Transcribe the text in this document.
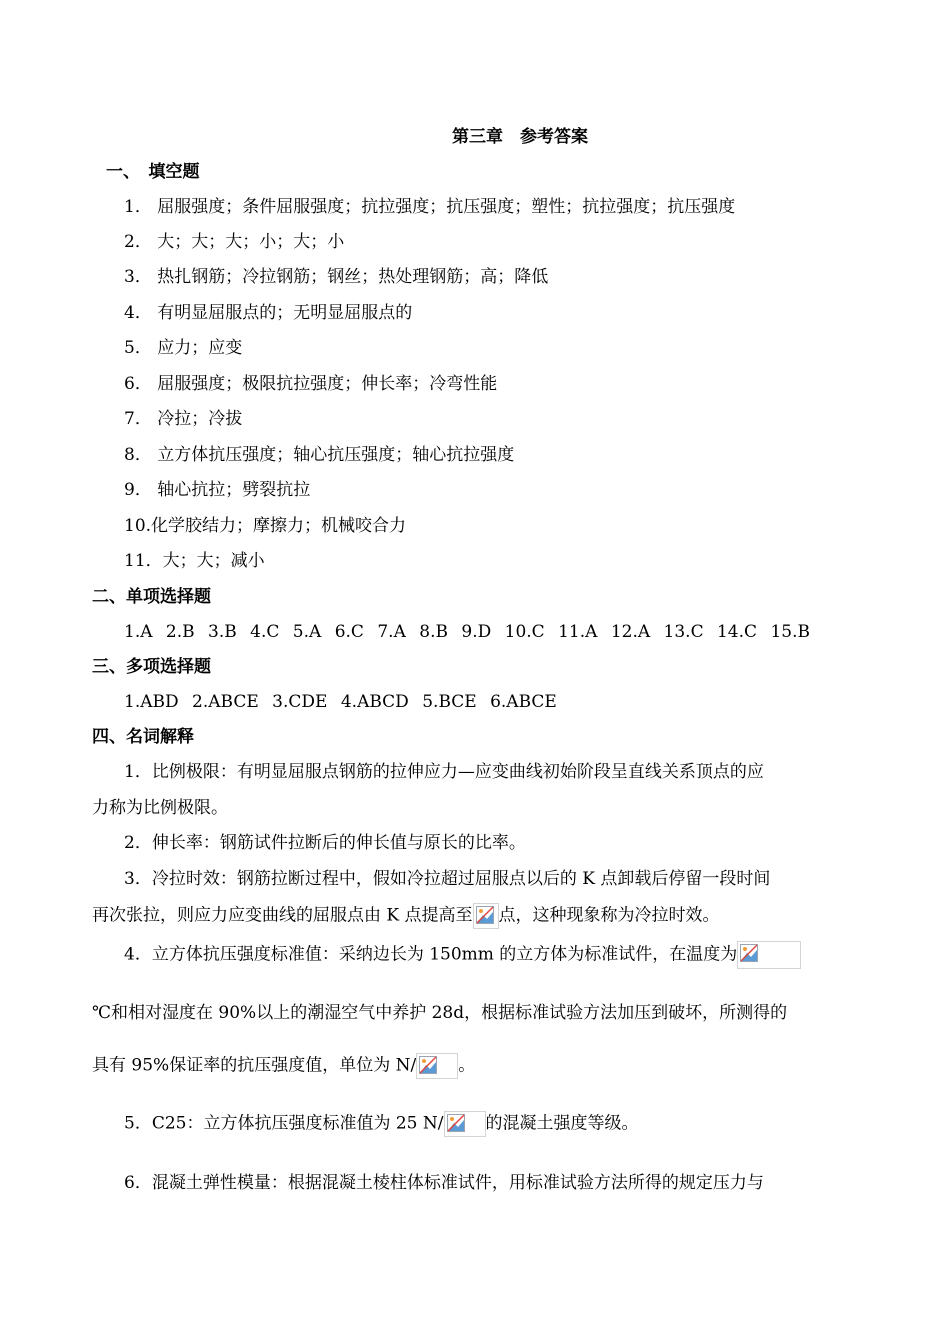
第三章　参考答案
一、　填空题
1． 屈服强度；条件屈服强度；抗拉强度；抗压强度；塑性；抗拉强度；抗压强度
2． 大；大；大；小；大；小
3． 热扎钢筋；冷拉钢筋；钢丝；热处理钢筋；高；降低
4． 有明显屈服点的；无明显屈服点的
5． 应力；应变
6． 屈服强度；极限抗拉强度；伸长率；冷弯性能
7． 冷拉；冷拔
8． 立方体抗压强度；轴心抗压强度；轴心抗拉强度
9． 轴心抗拉；劈裂抗拉
10.化学胶结力；摩擦力；机械咬合力
11．大；大；减小
二、单项选择题
1.A 2.B 3.B 4.C 5.A 6.C 7.A 8.B 9.D 10.C 11.A 12.A 13.C 14.C 15.B
三、多项选择题
1.ABD 2.ABCE 3.CDE 4.ABCD 5.BCE 6.ABCE
四、名词解释
1．比例极限：有明显屈服点钢筋的拉伸应力—应变曲线初始阶段呈直线关系顶点的应
力称为比例极限。
2．伸长率：钢筋试件拉断后的伸长值与原长的比率。
3．冷拉时效：钢筋拉断过程中，假如冷拉超过屈服点以后的 K 点卸载后停留一段时间
再次张拉，则应力应变曲线的屈服点由 K 点提高至 点，这种现象称为冷拉时效。
4．立方体抗压强度标准值：采纳边长为 150mm 的立方体为标准试件，在温度为
℃和相对湿度在 90%以上的潮湿空气中养护 28d，根据标准试验方法加压到破坏，所测得的
具有 95%保证率的抗压强度值，单位为 N/ 。
5．C25：立方体抗压强度标准值为 25 N/ 的混凝土强度等级。
6．混凝土弹性模量：根据混凝土棱柱体标准试件，用标准试验方法所得的规定压力与
